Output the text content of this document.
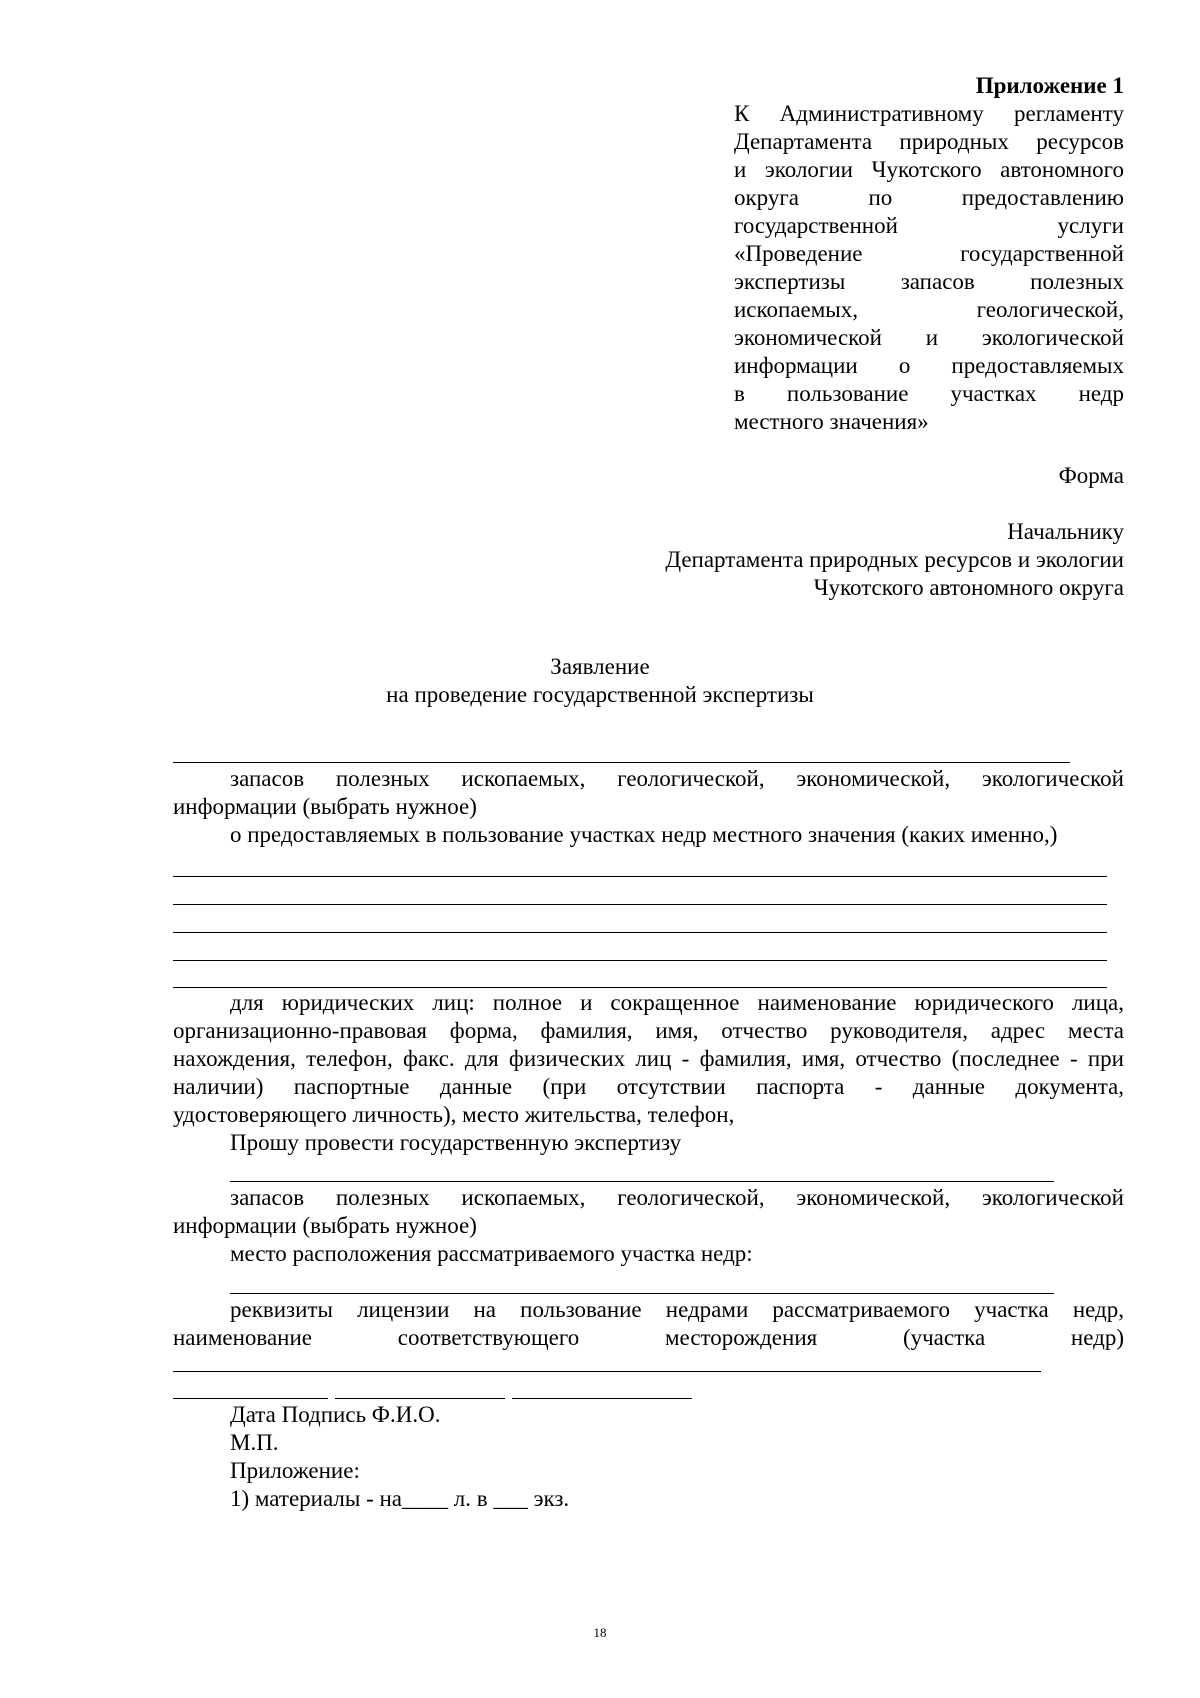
Приложение 1
К Административному регламенту
Департамента природных ресурсов
и экологии Чукотского автономного
округа по предоставлению
государственной услуги
«Проведение государственной
экспертизы запасов полезных
ископаемых, геологической,
экономической и экологической
информации о предоставляемых
в пользование участках недр
местного значения»
Форма
Начальнику
Департамента природных ресурсов и экологии
Чукотского автономного округа
Заявление
на проведение государственной экспертизы
запасов полезных ископаемых, геологической, экономической, экологической
информации (выбрать нужное)
о предоставляемых в пользование участках недр местного значения (каких именно,)
для юридических лиц: полное и сокращенное наименование юридического лица,
организационно-правовая форма, фамилия, имя, отчество руководителя, адрес места
нахождения, телефон, факс. для физических лиц - фамилия, имя, отчество (последнее - при
наличии) паспортные данные (при отсутствии паспорта - данные документа,
удостоверяющего личность), место жительства, телефон,
Прошу провести государственную экспертизу
запасов полезных ископаемых, геологической, экономической, экологической
информации (выбрать нужное)
место расположения рассматриваемого участка недр:
реквизиты лицензии на пользование недрами рассматриваемого участка недр,
наименование соответствующего месторождения (участка недр)
Дата Подпись Ф.И.О.
М.П.
Приложение:
1) материалы - на____ л. в ___ экз.
18
